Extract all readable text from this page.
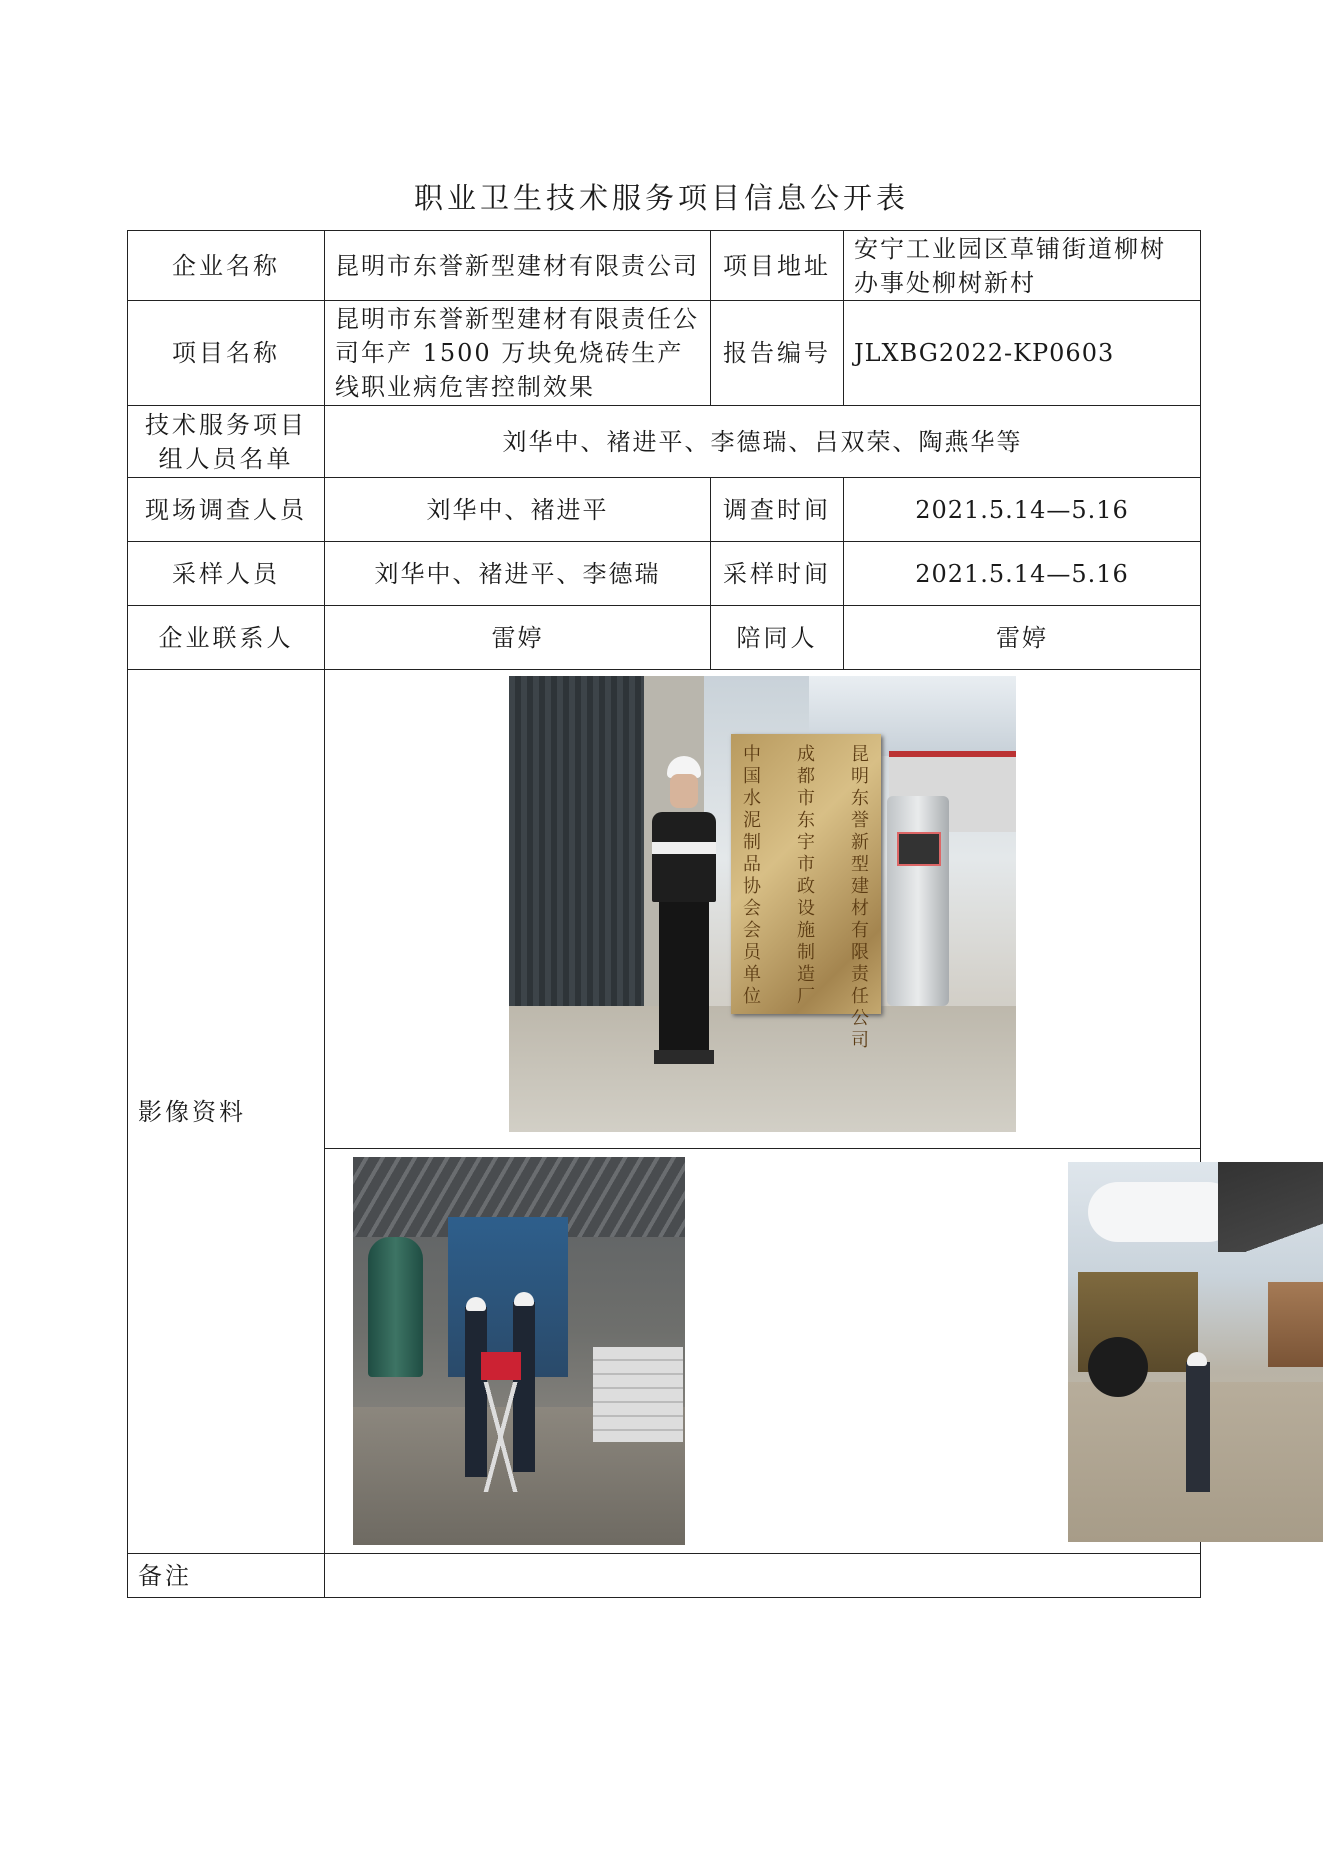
职业卫生技术服务项目信息公开表
企业名称	昆明市东誉新型建材有限责公司	项目地址	安宁工业园区草铺街道柳树办事处柳树新村
项目名称	昆明市东誉新型建材有限责任公司年产 1500 万块免烧砖生产线职业病危害控制效果	报告编号	JLXBG2022-KP0603
技术服务项目组人员名单	刘华中、褚进平、李德瑞、吕双荣、陶燕华等		
现场调查人员	刘华中、褚进平	调查时间	2021.5.14—5.16
采样人员	刘华中、褚进平、李德瑞	采样时间	2021.5.14—5.16
企业联系人	雷婷	陪同人	雷婷
影像资料	中国水泥制品协会会员单位
成都市东宇市政设施制造厂
昆明东誉新型建材有限责任公司		

备注			
